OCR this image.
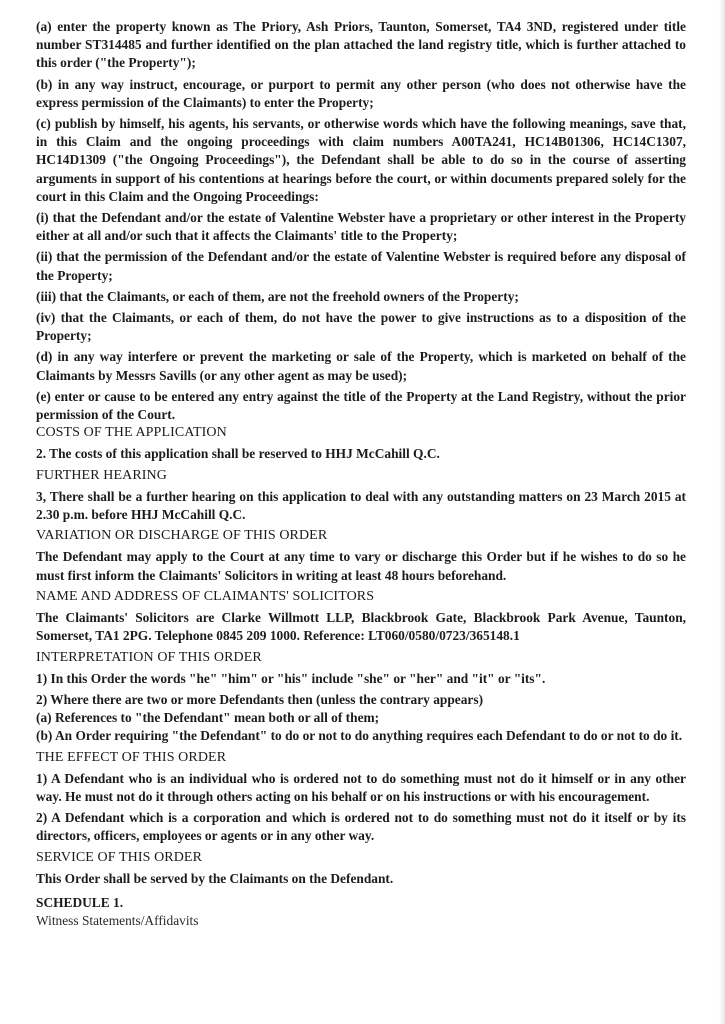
(a) enter the property known as The Priory, Ash Priors, Taunton, Somerset, TA4 3ND, registered under title number ST314485 and further identified on the plan attached the land registry title, which is further attached to this order ("the Property");

(b) in any way instruct, encourage, or purport to permit any other person (who does not otherwise have the express permission of the Claimants) to enter the Property;

(c) publish by himself, his agents, his servants, or otherwise words which have the following meanings, save that, in this Claim and the ongoing proceedings with claim numbers A00TA241, HC14B01306, HC14C1307, HC14D1309 ("the Ongoing Proceedings"), the Defendant shall be able to do so in the course of asserting arguments in support of his contentions at hearings before the court, or within documents prepared solely for the court in this Claim and the Ongoing Proceedings:

(i) that the Defendant and/or the estate of Valentine Webster have a proprietary or other interest in the Property either at all and/or such that it affects the Claimants' title to the Property;

(ii) that the permission of the Defendant and/or the estate of Valentine Webster is required before any disposal of the Property;

(iii) that the Claimants, or each of them, are not the freehold owners of the Property;

(iv) that the Claimants, or each of them, do not have the power to give instructions as to a disposition of the Property;

(d) in any way interfere or prevent the marketing or sale of the Property, which is marketed on behalf of the Claimants by Messrs Savills (or any other agent as may be used);

(e) enter or cause to be entered any entry against the title of the Property at the Land Registry, without the prior permission of the Court.

COSTS OF THE APPLICATION

2. The costs of this application shall be reserved to HHJ McCahill Q.C.

FURTHER HEARING

3, There shall be a further hearing on this application to deal with any outstanding matters on 23 March 2015 at 2.30 p.m. before HHJ McCahill Q.C.

VARIATION OR DISCHARGE OF THIS ORDER

The Defendant may apply to the Court at any time to vary or discharge this Order but if he wishes to do so he must first inform the Claimants' Solicitors in writing at least 48 hours beforehand.

NAME AND ADDRESS OF CLAIMANTS' SOLICITORS

The Claimants' Solicitors are Clarke Willmott LLP, Blackbrook Gate, Blackbrook Park Avenue, Taunton, Somerset, TA1 2PG. Telephone 0845 209 1000. Reference: LT060/0580/0723/365148.1

INTERPRETATION OF THIS ORDER

1) In this Order the words "he" "him" or "his" include "she" or "her" and "it" or "its".

2) Where there are two or more Defendants then (unless the contrary appears)

(a) References to "the Defendant" mean both or all of them;

(b) An Order requiring "the Defendant" to do or not to do anything requires each Defendant to do or not to do it.

THE EFFECT OF THIS ORDER

1) A Defendant who is an individual who is ordered not to do something must not do it himself or in any other way. He must not do it through others acting on his behalf or on his instructions or with his encouragement.

2) A Defendant which is a corporation and which is ordered not to do something must not do it itself or by its directors, officers, employees or agents or in any other way.

SERVICE OF THIS ORDER

This Order shall be served by the Claimants on the Defendant.

SCHEDULE 1.

Witness Statements/Affidavits
